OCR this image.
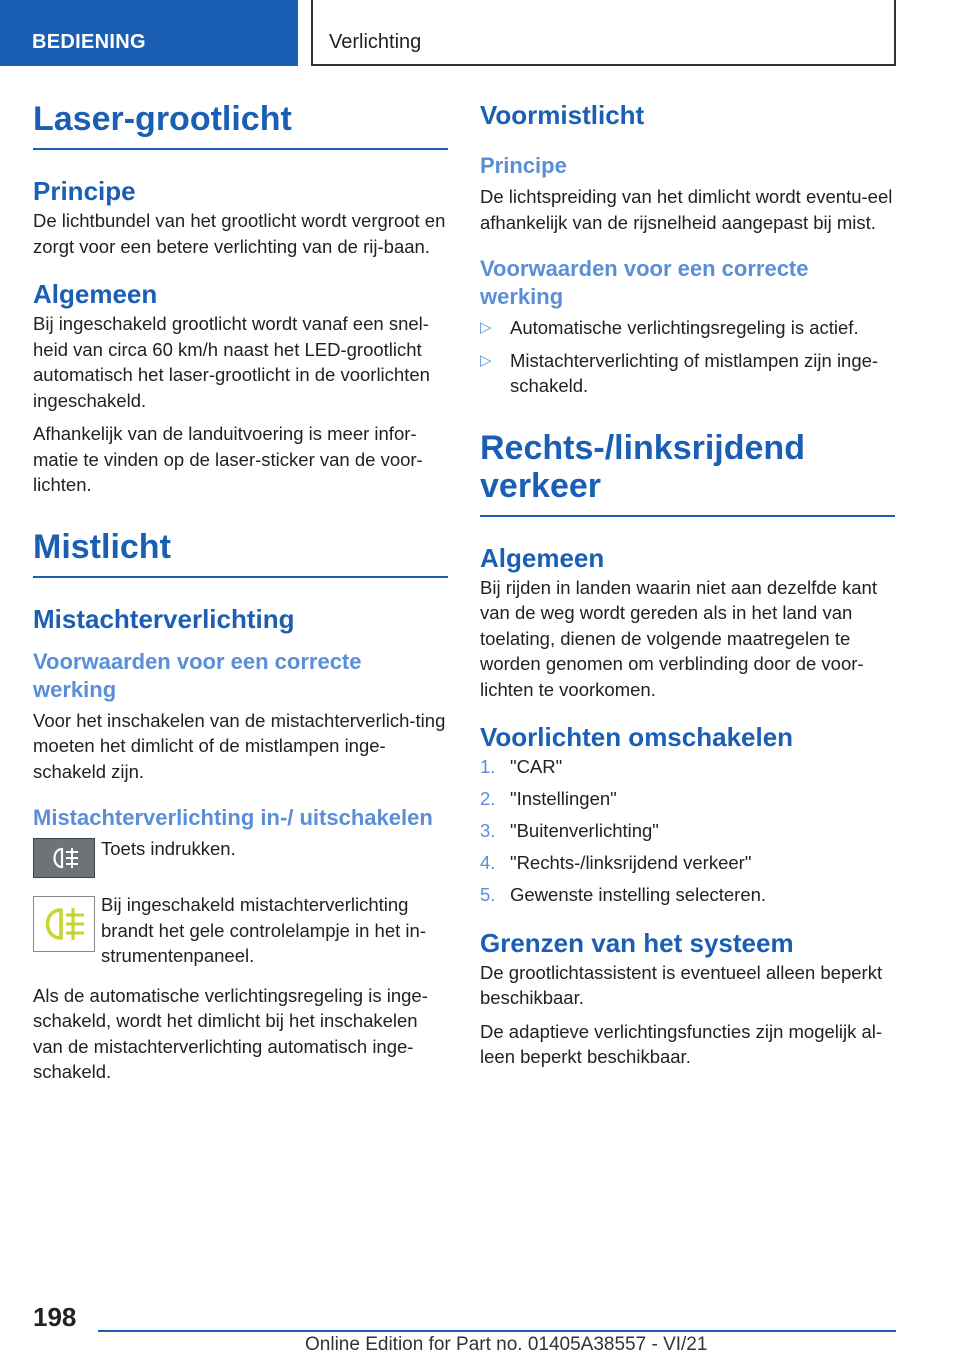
BEDIENING	Verlichting
Laser-grootlicht
Principe
De lichtbundel van het grootlicht wordt vergroot en zorgt voor een betere verlichting van de rij-baan.
Algemeen
Bij ingeschakeld grootlicht wordt vanaf een snel-heid van circa 60 km/h naast het LED-grootlicht automatisch het laser-grootlicht in de voorlichten ingeschakeld.
Afhankelijk van de landuitvoering is meer infor-matie te vinden op de laser-sticker van de voor-lichten.
Mistlicht
Mistachterverlichting
Voorwaarden voor een correcte werking
Voor het inschakelen van de mistachterverlich-ting moeten het dimlicht of de mistlampen inge-schakeld zijn.
Mistachterverlichting in-/ uitschakelen
Toets indrukken.
Bij ingeschakeld mistachterverlichting brandt het gele controlelampje in het in-strumentenpaneel.
Als de automatische verlichtingsregeling is inge-schakeld, wordt het dimlicht bij het inschakelen van de mistachterverlichting automatisch inge-schakeld.
Voormistlicht
Principe
De lichtspreiding van het dimlicht wordt eventu-eel afhankelijk van de rijsnelheid aangepast bij mist.
Voorwaarden voor een correcte werking
▷ Automatische verlichtingsregeling is actief.
▷ Mistachterverlichting of mistlampen zijn inge-schakeld.
Rechts-/linksrijdend verkeer
Algemeen
Bij rijden in landen waarin niet aan dezelfde kant van de weg wordt gereden als in het land van toelating, dienen de volgende maatregelen te worden genomen om verblinding door de voor-lichten te voorkomen.
Voorlichten omschakelen
1. "CAR"
2. "Instellingen"
3. "Buitenverlichting"
4. "Rechts-/linksrijdend verkeer"
5. Gewenste instelling selecteren.
Grenzen van het systeem
De grootlichtassistent is eventueel alleen beperkt beschikbaar.
De adaptieve verlichtingsfuncties zijn mogelijk al-leen beperkt beschikbaar.
198
Online Edition for Part no. 01405A38557 - VI/21
